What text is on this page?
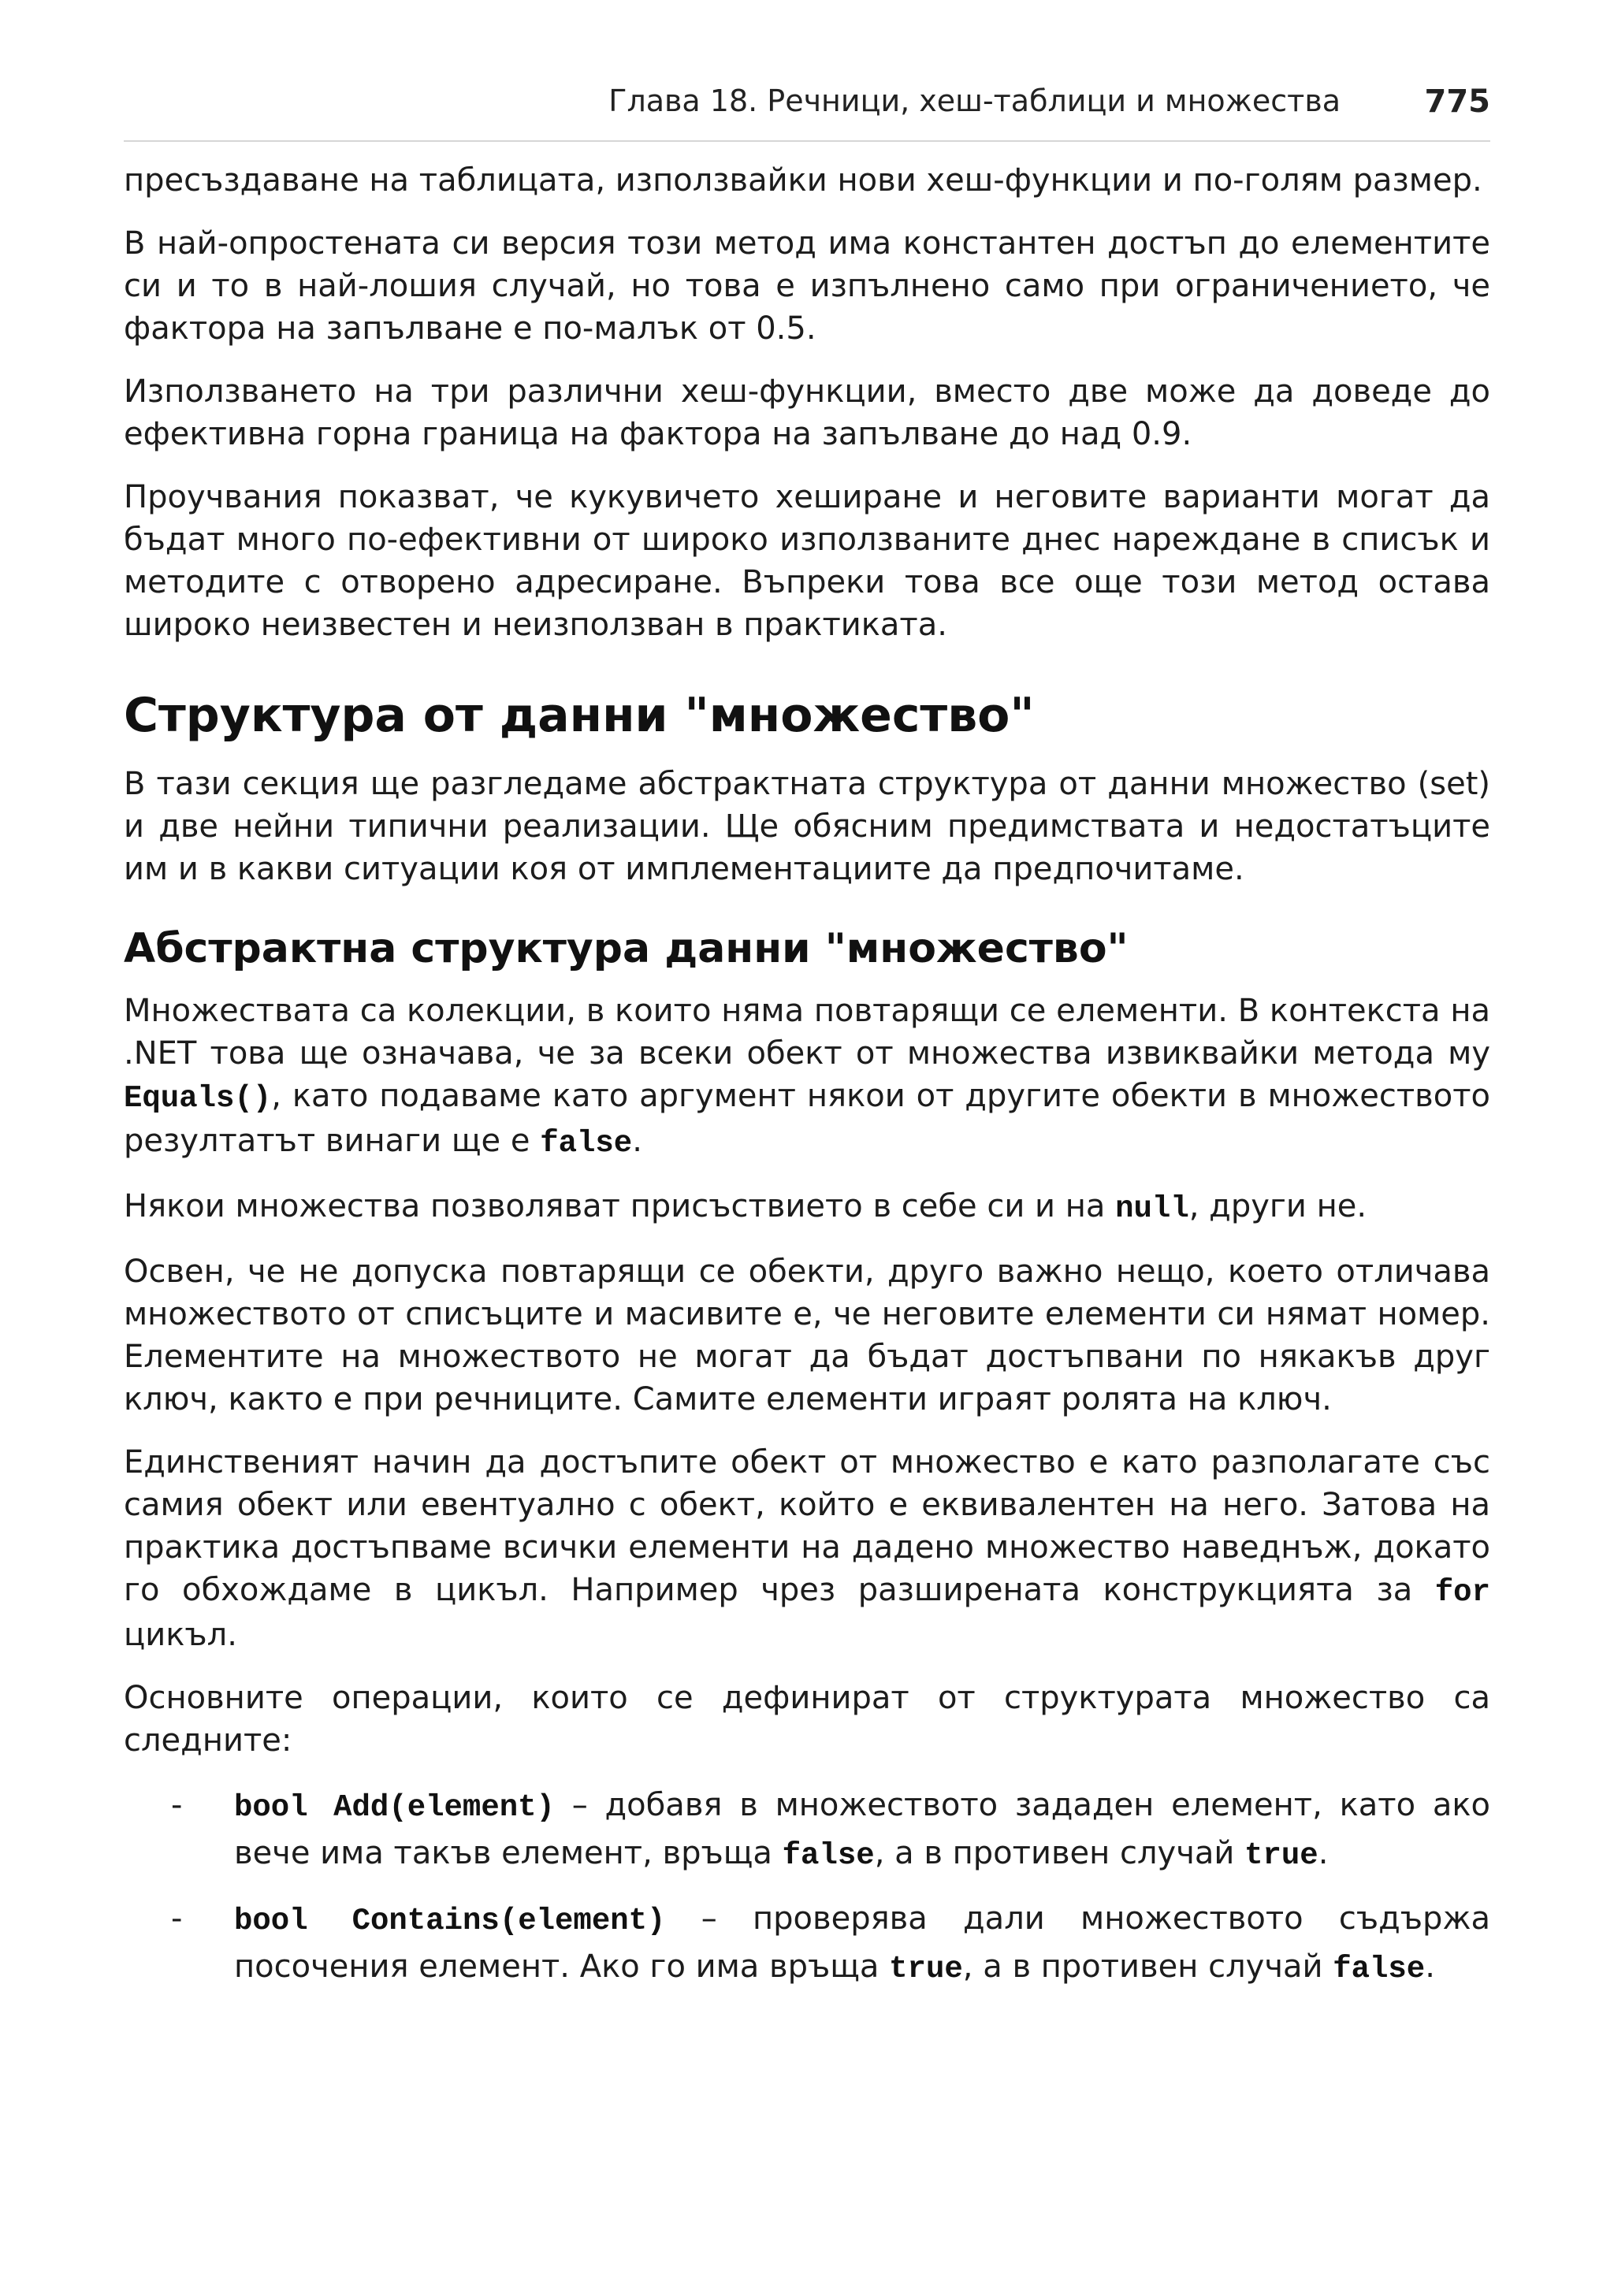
Глава 18. Речници, хеш-таблици и множества	775

пресъздаване на таблицата, използвайки нови хеш-функции и по-голям размер.

В най-опростената си версия този метод има константен достъп до елементите си и то в най-лошия случай, но това е изпълнено само при ограничението, че фактора на запълване е по-малък от 0.5.

Използването на три различни хеш-функции, вместо две може да доведе до ефективна горна граница на фактора на запълване до над 0.9.

Проучвания показват, че кукувичето хеширане и неговите варианти могат да бъдат много по-ефективни от широко използваните днес нареждане в списък и методите с отворено адресиране. Въпреки това все още този метод остава широко неизвестен и неизползван в практиката.

Структура от данни "множество"

В тази секция ще разгледаме абстрактната структура от данни множество (set) и две нейни типични реализации. Ще обясним предимствата и недостатъците им и в какви ситуации коя от имплементациите да предпочитаме.

Абстрактна структура данни "множество"

Множествата са колекции, в които няма повтарящи се елементи. В контекста на .NET това ще означава, че за всеки обект от множества извиквайки метода му Equals(), като подаваме като аргумент някои от другите обекти в множеството резултатът винаги ще е false.

Някои множества позволяват присъствието в себе си и на null, други не.

Освен, че не допуска повтарящи се обекти, друго важно нещо, което отличава множеството от списъците и масивите е, че неговите елементи си нямат номер. Елементите на множеството не могат да бъдат достъпвани по някакъв друг ключ, както е при речниците. Самите елементи играят ролята на ключ.

Единственият начин да достъпите обект от множество е като разполагате със самия обект или евентуално с обект, който е еквивалентен на него. Затова на практика достъпваме всички елементи на дадено множество наведнъж, докато го обхождаме в цикъл. Например чрез разширената конструкцията за for цикъл.

Основните операции, които се дефинират от структурата множество са следните:

- bool Add(element) – добавя в множеството зададен елемент, като ако вече има такъв елемент, връща false, а в противен случай true.
- bool Contains(element) – проверява дали множеството съдържа посочения елемент. Ако го има връща true, а в противен случай false.
